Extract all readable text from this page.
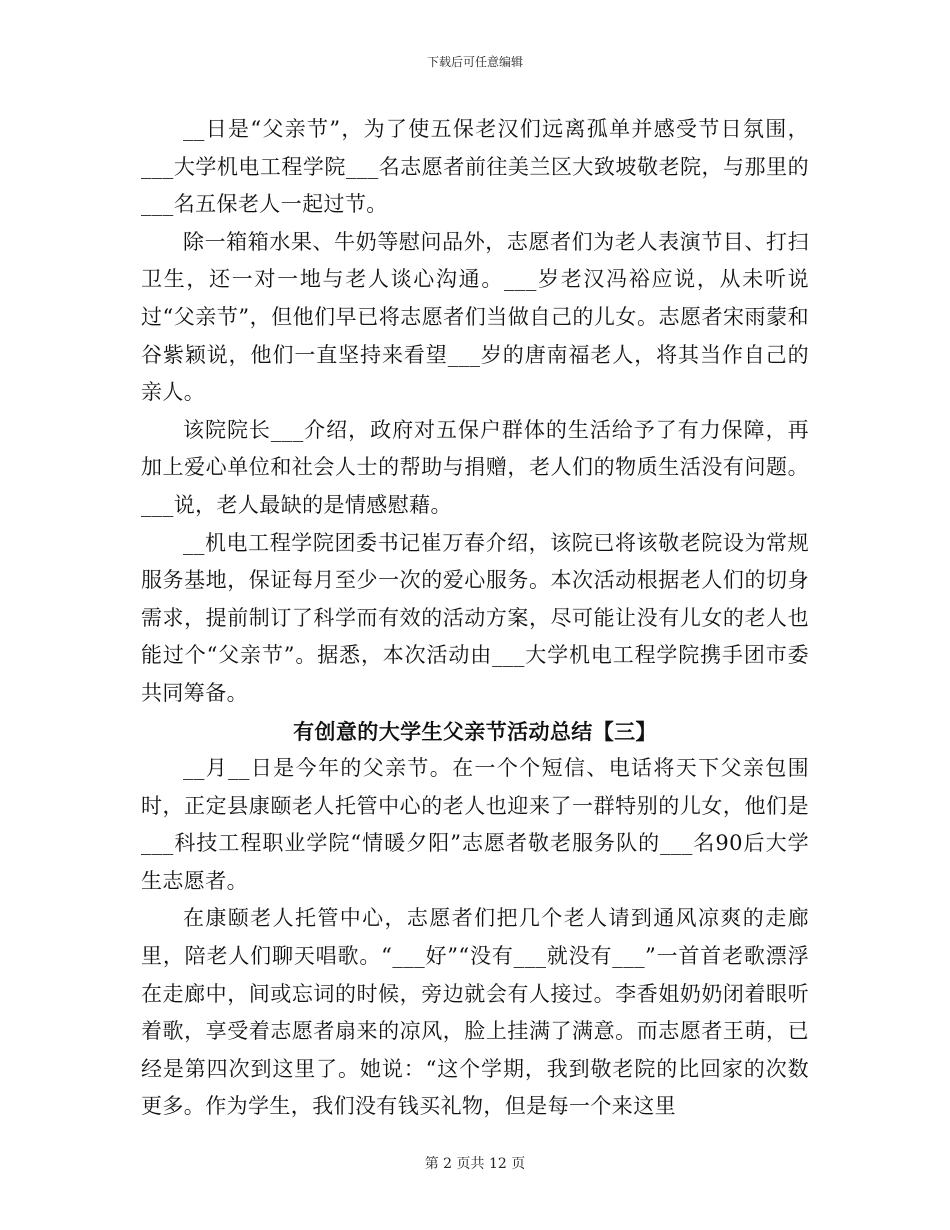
下载后可任意编辑

__日是“父亲节”，为了使五保老汉们远离孤单并感受节日氛围，___大学机电工程学院___名志愿者前往美兰区大致坡敬老院，与那里的___名五保老人一起过节。

除一箱箱水果、牛奶等慰问品外，志愿者们为老人表演节目、打扫卫生，还一对一地与老人谈心沟通。___岁老汉冯裕应说，从未听说过“父亲节”，但他们早已将志愿者们当做自己的儿女。志愿者宋雨蒙和谷紫颖说，他们一直坚持来看望___岁的唐南福老人，将其当作自己的亲人。

该院院长___介绍，政府对五保户群体的生活给予了有力保障，再加上爱心单位和社会人士的帮助与捐赠，老人们的物质生活没有问题。___说，老人最缺的是情感慰藉。

__机电工程学院团委书记崔万春介绍，该院已将该敬老院设为常规服务基地，保证每月至少一次的爱心服务。本次活动根据老人们的切身需求，提前制订了科学而有效的活动方案，尽可能让没有儿女的老人也能过个“父亲节”。据悉，本次活动由___大学机电工程学院携手团市委共同筹备。

有创意的大学生父亲节活动总结【三】

__月__日是今年的父亲节。在一个个短信、电话将天下父亲包围时，正定县康颐老人托管中心的老人也迎来了一群特别的儿女，他们是___科技工程职业学院“情暖夕阳”志愿者敬老服务队的___名90后大学生志愿者。

在康颐老人托管中心，志愿者们把几个老人请到通风凉爽的走廊里，陪老人们聊天唱歌。“___好”“没有___就没有___”一首首老歌漂浮在走廊中，间或忘词的时候，旁边就会有人接过。李香姐奶奶闭着眼听着歌，享受着志愿者扇来的凉风，脸上挂满了满意。而志愿者王萌，已经是第四次到这里了。她说：“这个学期，我到敬老院的比回家的次数更多。作为学生，我们没有钱买礼物，但是每一个来这里

第 2 页共 12 页
